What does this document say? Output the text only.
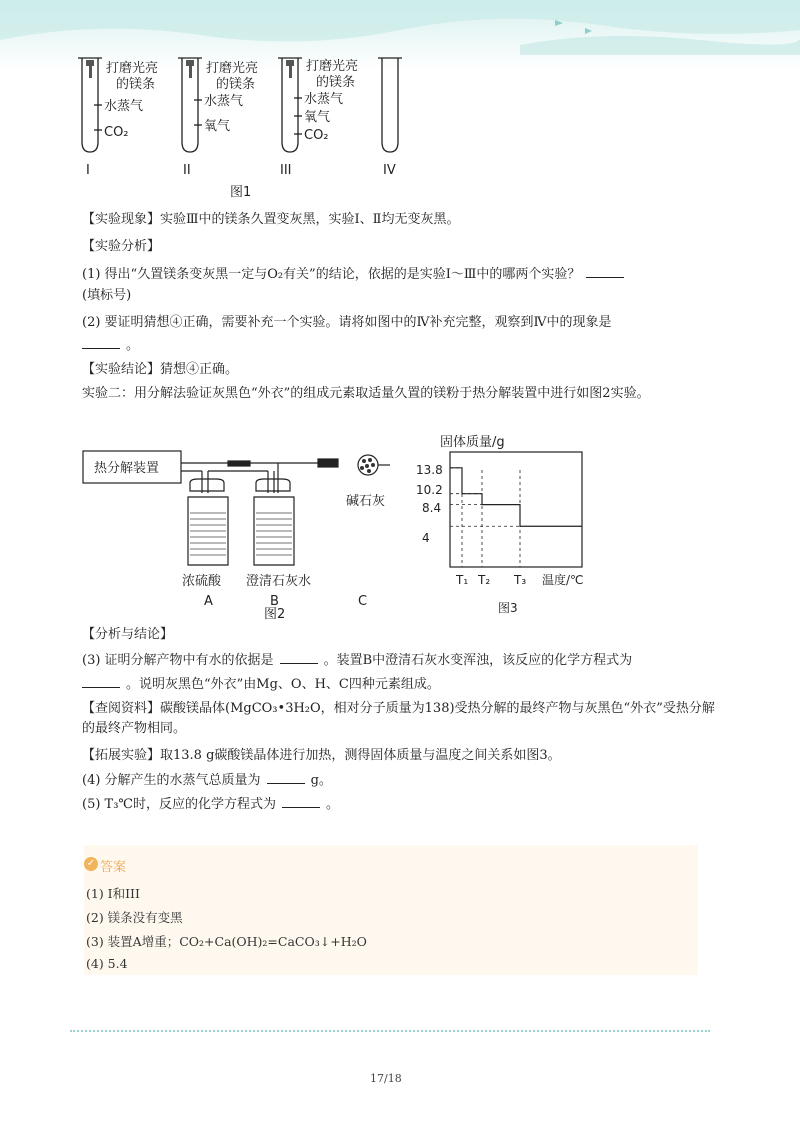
打磨光亮
的镁条
水蒸气
CO₂
打磨光亮
的镁条
水蒸气
氧气
打磨光亮
的镁条
水蒸气
氧气
CO₂
I	II	III	IV
图1
【实验现象】实验Ⅲ中的镁条久置变灰黑，实验Ⅰ、Ⅱ均无变灰黑。
【实验分析】
(1) 得出“久置镁条变灰黑一定与O₂有关”的结论，依据的是实验Ⅰ～Ⅲ中的哪两个实验？
(填标号)
(2) 要证明猜想④正确，需要补充一个实验。请将如图中的Ⅳ补充完整，观察到Ⅳ中的现象是
。
【实验结论】猜想④正确。
实验二：用分解法验证灰黑色“外衣”的组成元素取适量久置的镁粉于热分解装置中进行如图2实验。
热分解装置
碱石灰
浓硫酸 澄清石灰水
A	B	C
图2
固体质量/g
13.8
10.2
8.4
4
T₁ T₂ T₃ 温度/℃
图3
【分析与结论】
(3) 证明分解产物中有水的依据是	。装置B中澄清石灰水变浑浊，该反应的化学方程式为
。说明灰黑色“外衣”由Mg、O、H、C四种元素组成。
【查阅资料】碳酸镁晶体(MgCO₃•3H₂O，相对分子质量为138)受热分解的最终产物与灰黑色“外衣”受热分解的最终产物相同。
【拓展实验】取13.8 g碳酸镁晶体进行加热，测得固体质量与温度之间关系如图3。
(4) 分解产生的水蒸气总质量为	g。
(5) T₃℃时，反应的化学方程式为	。
✓ 答案
(1) I和III
(2) 镁条没有变黑
(3) 装置A增重；CO₂+Ca(OH)₂=CaCO₃↓+H₂O
(4) 5.4
17/18
